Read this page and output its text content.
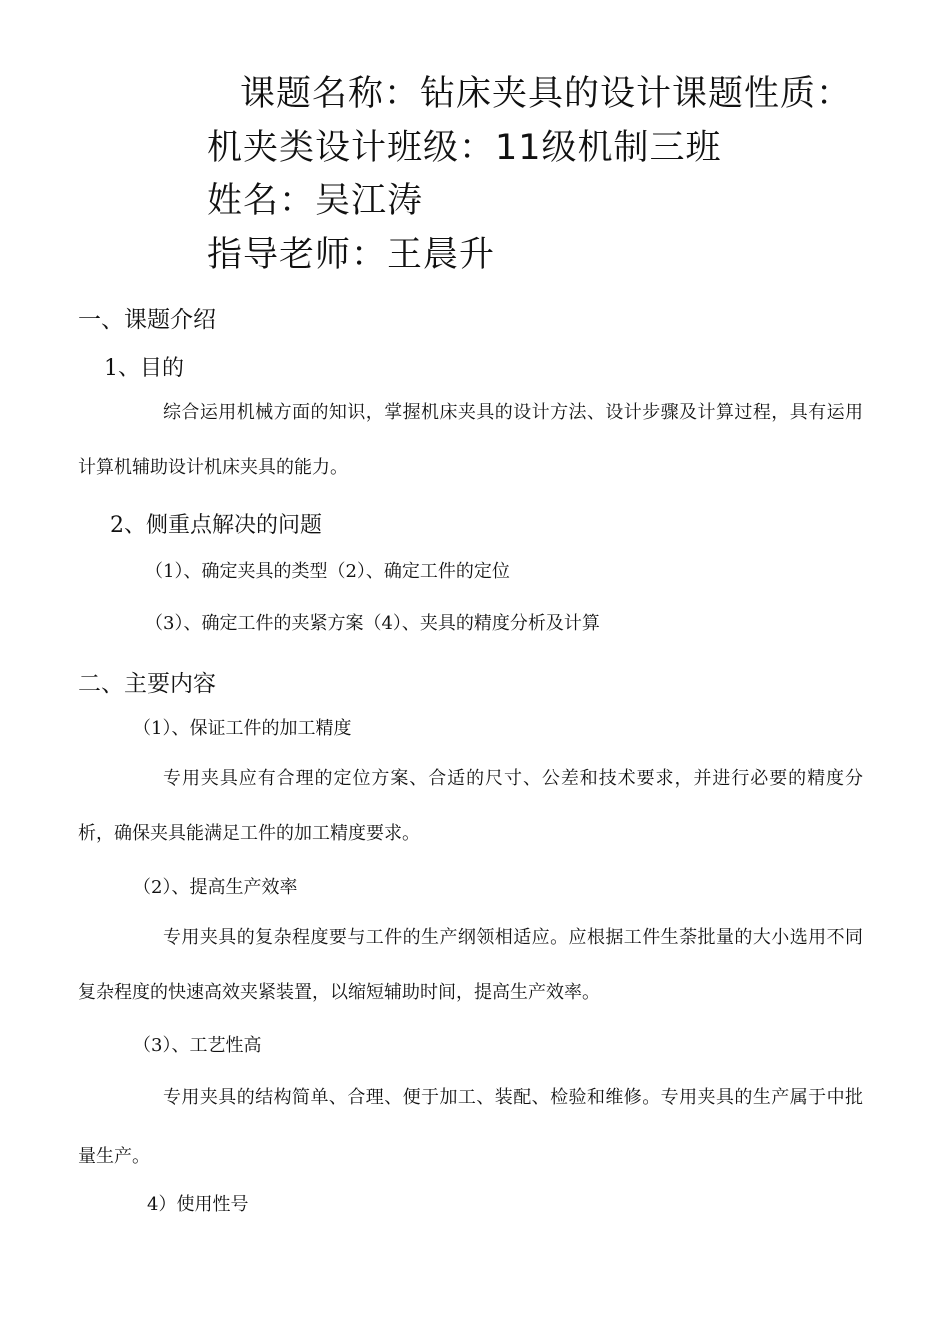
课题名称：钻床夹具的设计课题性质：
机夹类设计班级：11级机制三班
姓名：吴江涛
指导老师：王晨升
一、课题介绍
1、目的
综合运用机械方面的知识，掌握机床夹具的设计方法、设计步骤及计算过程，具有运用计算机辅助设计机床夹具的能力。
2、侧重点解决的问题
（1）、确定夹具的类型（2）、确定工件的定位
（3）、确定工件的夹紧方案（4）、夹具的精度分析及计算
二、主要内容
（1）、保证工件的加工精度
专用夹具应有合理的定位方案、合适的尺寸、公差和技术要求，并进行必要的精度分析，确保夹具能满足工件的加工精度要求。
（2）、提高生产效率
专用夹具的复杂程度要与工件的生产纲领相适应。应根据工件生荼批量的大小选用不同复杂程度的快速高效夹紧装置，以缩短辅助时间，提高生产效率。
（3）、工艺性高
专用夹具的结构简单、合理、便于加工、装配、检验和维修。专用夹具的生产属于中批量生产。
4）使用性号
